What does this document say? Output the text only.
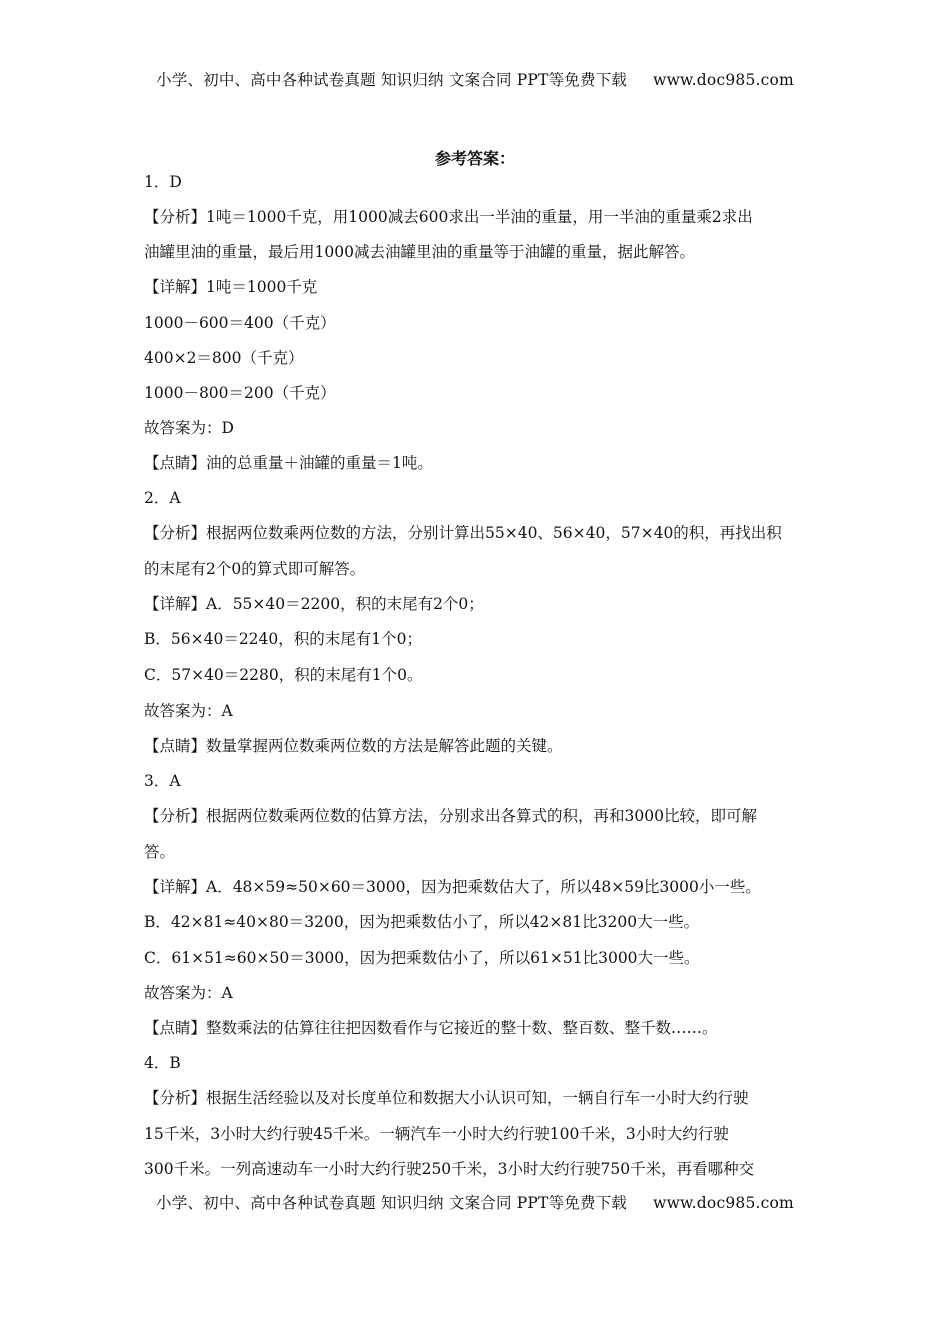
小学、初中、高中各种试卷真题 知识归纳 文案合同 PPT等免费下载 www.doc985.com
参考答案：
1．D
【分析】1吨＝1000千克，用1000减去600求出一半油的重量，用一半油的重量乘2求出
油罐里油的重量，最后用1000减去油罐里油的重量等于油罐的重量，据此解答。
【详解】1吨＝1000千克
1000－600＝400（千克）
400×2＝800（千克）
1000－800＝200（千克）
故答案为：D
【点睛】油的总重量＋油罐的重量＝1吨。
2．A
【分析】根据两位数乘两位数的方法，分别计算出55×40、56×40，57×40的积，再找出积
的末尾有2个0的算式即可解答。
【详解】A．55×40＝2200，积的末尾有2个0；
B．56×40＝2240，积的末尾有1个0；
C．57×40＝2280，积的末尾有1个0。
故答案为：A
【点睛】数量掌握两位数乘两位数的方法是解答此题的关键。
3．A
【分析】根据两位数乘两位数的估算方法，分别求出各算式的积，再和3000比较，即可解
答。
【详解】A．48×59≈50×60＝3000，因为把乘数估大了，所以48×59比3000小一些。
B．42×81≈40×80＝3200，因为把乘数估小了，所以42×81比3200大一些。
C．61×51≈60×50＝3000，因为把乘数估小了，所以61×51比3000大一些。
故答案为：A
【点睛】整数乘法的估算往往把因数看作与它接近的整十数、整百数、整千数……。
4．B
【分析】根据生活经验以及对长度单位和数据大小认识可知，一辆自行车一小时大约行驶
15千米，3小时大约行驶45千米。一辆汽车一小时大约行驶100千米，3小时大约行驶
300千米。一列高速动车一小时大约行驶250千米，3小时大约行驶750千米，再看哪种交
小学、初中、高中各种试卷真题 知识归纳 文案合同 PPT等免费下载 www.doc985.com
